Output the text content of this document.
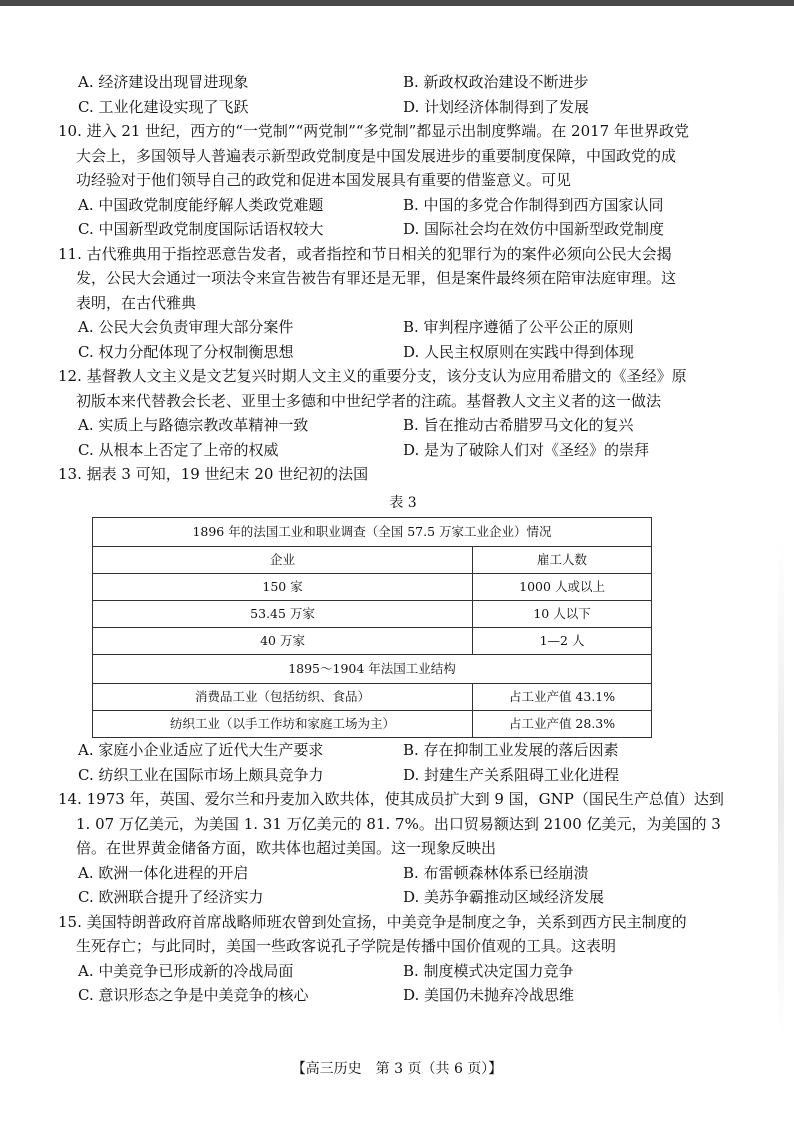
A. 经济建设出现冒进现象	B. 新政权政治建设不断进步
C. 工业化建设实现了飞跃	D. 计划经济体制得到了发展
10. 进入 21 世纪，西方的“一党制”“两党制”“多党制”都显示出制度弊端。在 2017 年世界政党
大会上，多国领导人普遍表示新型政党制度是中国发展进步的重要制度保障，中国政党的成
功经验对于他们领导自己的政党和促进本国发展具有重要的借鉴意义。可见
A. 中国政党制度能纾解人类政党难题	B. 中国的多党合作制得到西方国家认同
C. 中国新型政党制度国际话语权较大	D. 国际社会均在效仿中国新型政党制度
11. 古代雅典用于指控恶意告发者，或者指控和节日相关的犯罪行为的案件必须向公民大会揭
发，公民大会通过一项法令来宣告被告有罪还是无罪，但是案件最终须在陪审法庭审理。这
表明，在古代雅典
A. 公民大会负责审理大部分案件	B. 审判程序遵循了公平公正的原则
C. 权力分配体现了分权制衡思想	D. 人民主权原则在实践中得到体现
12. 基督教人文主义是文艺复兴时期人文主义的重要分支，该分支认为应用希腊文的《圣经》原
初版本来代替教会长老、亚里士多德和中世纪学者的注疏。基督教人文主义者的这一做法
A. 实质上与路德宗教改革精神一致	B. 旨在推动古希腊罗马文化的复兴
C. 从根本上否定了上帝的权威	D. 是为了破除人们对《圣经》的崇拜
13. 据表 3 可知，19 世纪末 20 世纪初的法国
表 3
1896 年的法国工业和职业调查（全国 57.5 万家工业企业）情况	
企业	雇工人数
150 家	1000 人或以上
53.45 万家	10 人以下
40 万家	1—2 人
1895～1904 年法国工业结构	
消费品工业（包括纺织、食品）	占工业产值 43.1%
纺织工业（以手工作坊和家庭工场为主）	占工业产值 28.3%
A. 家庭小企业适应了近代大生产要求	B. 存在抑制工业发展的落后因素
C. 纺织工业在国际市场上颇具竞争力	D. 封建生产关系阻碍工业化进程
14. 1973 年，英国、爱尔兰和丹麦加入欧共体，使其成员扩大到 9 国，GNP（国民生产总值）达到
1. 07 万亿美元，为美国 1. 31 万亿美元的 81. 7%。出口贸易额达到 2100 亿美元，为美国的 3
倍。在世界黄金储备方面，欧共体也超过美国。这一现象反映出
A. 欧洲一体化进程的开启	B. 布雷顿森林体系已经崩溃
C. 欧洲联合提升了经济实力	D. 美苏争霸推动区域经济发展
15. 美国特朗普政府首席战略师班农曾到处宣扬，中美竞争是制度之争，关系到西方民主制度的
生死存亡；与此同时，美国一些政客说孔子学院是传播中国价值观的工具。这表明
A. 中美竞争已形成新的冷战局面	B. 制度模式决定国力竞争
C. 意识形态之争是中美竞争的核心	D. 美国仍未抛弃冷战思维
【高三历史　第 3 页（共 6 页）】
